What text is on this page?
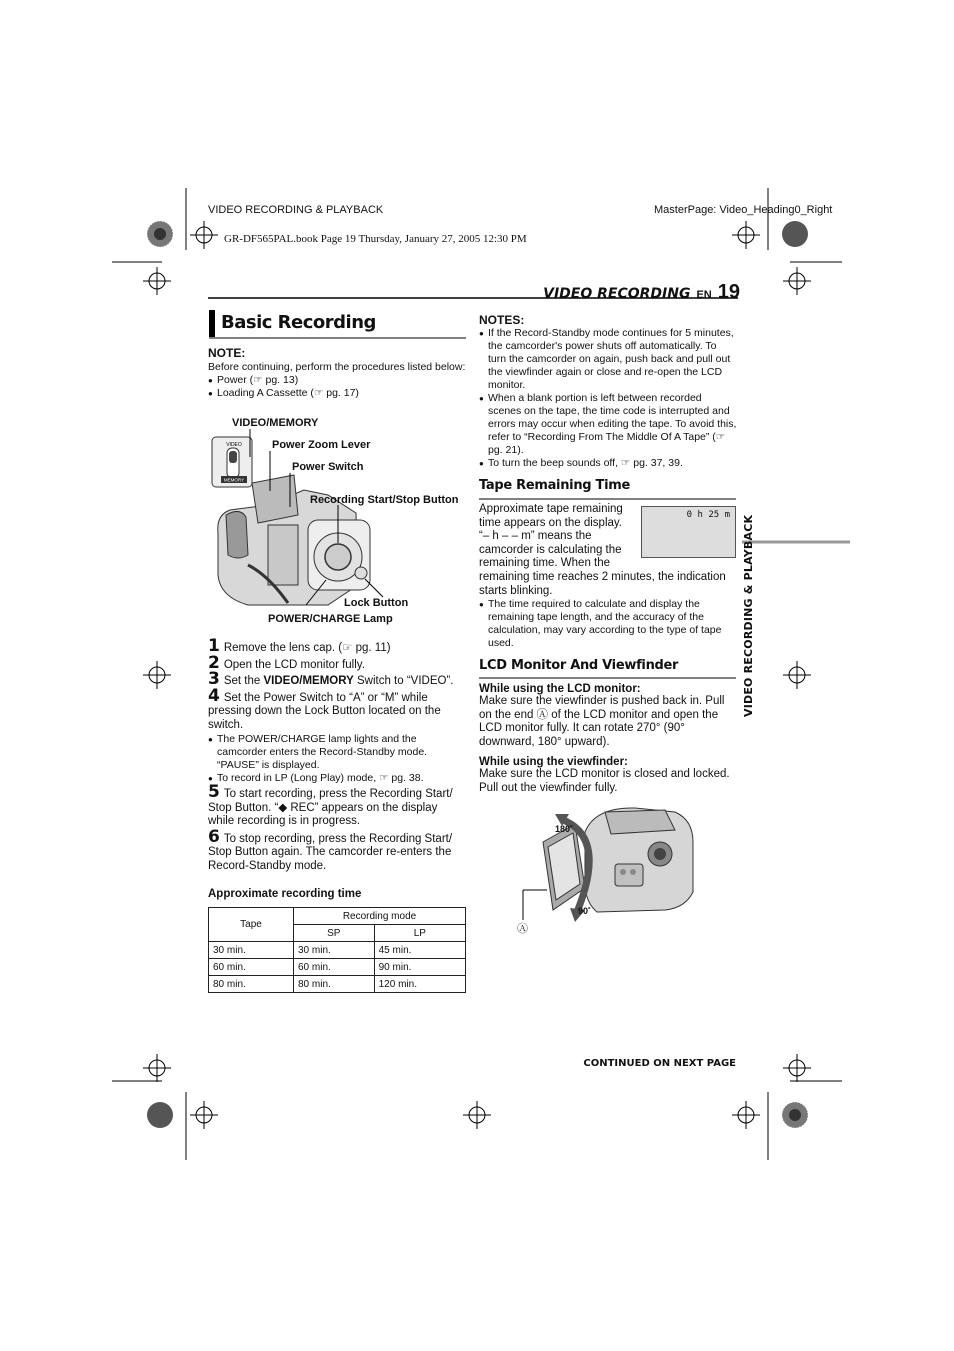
VIDEO RECORDING & PLAYBACK	MasterPage: Video_Heading0_Right
GR-DF565PAL.book Page 19 Thursday, January 27, 2005 12:30 PM
VIDEO RECORDING EN 19
VIDEO RECORDING & PLAYBACK
Basic Recording
NOTE:
Before continuing, perform the procedures listed below:
● Power (☞ pg. 13)
● Loading A Cassette (☞ pg. 17)
VIDEO
MEMORY
VIDEO/MEMORY
Power Zoom Lever
Power Switch
Recording Start/Stop Button
Lock Button
POWER/CHARGE Lamp
1 Remove the lens cap. (☞ pg. 11)
2 Open the LCD monitor fully.
3 Set the VIDEO/MEMORY Switch to “VIDEO”.
4 Set the Power Switch to “A” or “M” while pressing down the Lock Button located on the switch.
● The POWER/CHARGE lamp lights and the camcorder enters the Record-Standby mode. “PAUSE” is displayed.
● To record in LP (Long Play) mode, ☞ pg. 38.
5 To start recording, press the Recording Start/ Stop Button. “◆ REC” appears on the display while recording is in progress.
6 To stop recording, press the Recording Start/ Stop Button again. The camcorder re-enters the Record-Standby mode.
Approximate recording time
Tape	Recording mode	
	SP	LP
30 min.	30 min.	45 min.
60 min.	60 min.	90 min.
80 min.	80 min.	120 min.
NOTES:
● If the Record-Standby mode continues for 5 minutes, the camcorder's power shuts off automatically. To turn the camcorder on again, push back and pull out the viewfinder again or close and re-open the LCD monitor.
● When a blank portion is left between recorded scenes on the tape, the time code is interrupted and errors may occur when editing the tape. To avoid this, refer to “Recording From The Middle Of A Tape” (☞ pg. 21).
● To turn the beep sounds off, ☞ pg. 37, 39.
Tape Remaining Time
Approximate tape remaining
time appears on the display.
“– h – – m” means the
camcorder is calculating the
remaining time. When the
0 h 25 m
remaining time reaches 2 minutes, the indication starts blinking.
● The time required to calculate and display the remaining tape length, and the accuracy of the calculation, may vary according to the type of tape used.
LCD Monitor And Viewfinder
While using the LCD monitor:
Make sure the viewfinder is pushed back in. Pull on the end Ⓐ of the LCD monitor and open the LCD monitor fully. It can rotate 270° (90° downward, 180° upward).
While using the viewfinder:
Make sure the LCD monitor is closed and locked. Pull out the viewfinder fully.
180˚
90˚
Ⓐ
CONTINUED ON NEXT PAGE
